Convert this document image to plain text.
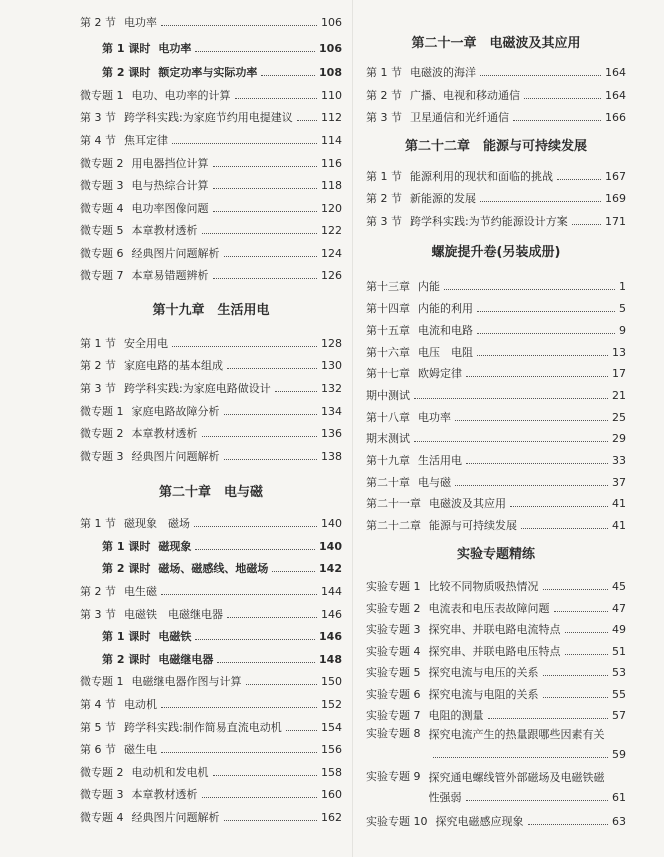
第 2 节 电功率	106
第 1 课时 电功率	106
第 2 课时 额定功率与实际功率	108
微专题 1 电功、电功率的计算	110
第 3 节 跨学科实践:为家庭节约用电提建议	112
第 4 节 焦耳定律	114
微专题 2 用电器挡位计算	116
微专题 3 电与热综合计算	118
微专题 4 电功率图像问题	120
微专题 5 本章教材透析	122
微专题 6 经典图片问题解析	124
微专题 7 本章易错题辨析	126
第十九章　生活用电
第 1 节 安全用电	128
第 2 节 家庭电路的基本组成	130
第 3 节 跨学科实践:为家庭电路做设计	132
微专题 1 家庭电路故障分析	134
微专题 2 本章教材透析	136
微专题 3 经典图片问题解析	138
第二十章　电与磁
第 1 节 磁现象　磁场	140
第 1 课时 磁现象	140
第 2 课时 磁场、磁感线、地磁场	142
第 2 节 电生磁	144
第 3 节 电磁铁　电磁继电器	146
第 1 课时 电磁铁	146
第 2 课时 电磁继电器	148
微专题 1 电磁继电器作图与计算	150
第 4 节 电动机	152
第 5 节 跨学科实践:制作简易直流电动机	154
第 6 节 磁生电	156
微专题 2 电动机和发电机	158
微专题 3 本章教材透析	160
微专题 4 经典图片问题解析	162
第二十一章　电磁波及其应用
第 1 节 电磁波的海洋	164
第 2 节 广播、电视和移动通信	164
第 3 节 卫星通信和光纤通信	166
第二十二章　能源与可持续发展
第 1 节 能源利用的现状和面临的挑战	167
第 2 节 新能源的发展	169
第 3 节 跨学科实践:为节约能源设计方案	171
螺旋提升卷(另装成册)
第十三章 内能	1
第十四章 内能的利用	5
第十五章 电流和电路	9
第十六章 电压　电阻	13
第十七章 欧姆定律	17
期中测试	21
第十八章 电功率	25
期末测试	29
第十九章 生活用电	33
第二十章 电与磁	37
第二十一章 电磁波及其应用	41
第二十二章 能源与可持续发展	41
实验专题精练
实验专题 1 比较不同物质吸热情况	45
实验专题 2 电流表和电压表故障问题	47
实验专题 3 探究串、并联电路电流特点	49
实验专题 4 探究串、并联电路电压特点	51
实验专题 5 探究电流与电压的关系	53
实验专题 6 探究电流与电阻的关系	55
实验专题 7 电阻的测量	57
实验专题 8 探究电流产生的热量跟哪些因素有关
59
实验专题 9 探究通电螺线管外部磁场及电磁铁磁
性强弱	61
实验专题 10 探究电磁感应现象	63
